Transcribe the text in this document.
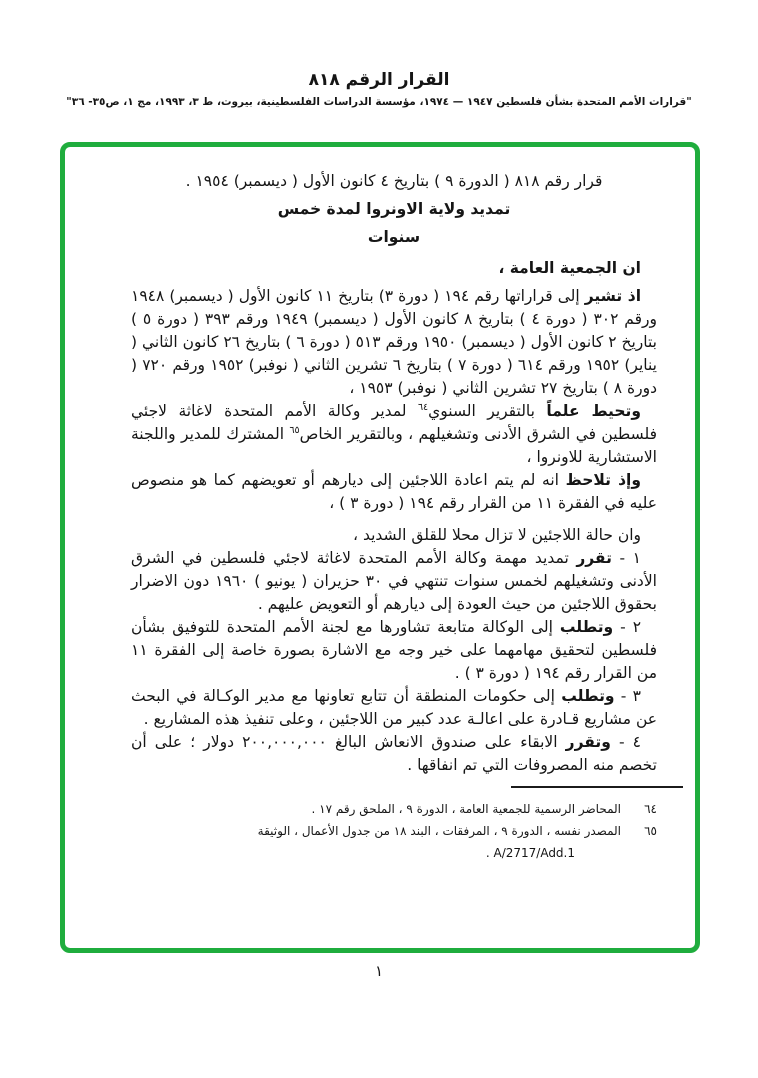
القرار الرقم ٨١٨
"قرارات الأمم المتحدة بشأن فلسطين ١٩٤٧ — ١٩٧٤، مؤسسة الدراسات الفلسطينية، بيروت، ط ٣، ١٩٩٣، مج ١، ص٣٥- ٣٦"
قرار رقم ٨١٨ ( الدورة ٩ ) بتاريخ ٤ كانون الأول ( ديسمبر) ١٩٥٤ .
تمديد ولاية الاونروا لمدة خمس
سنوات
ان الجمعية العامة ،

اذ تشير إلى قراراتها رقم ١٩٤ ( دورة ٣) بتاريخ ١١ كانون الأول ( ديسمبر) ١٩٤٨ ورقم ٣٠٢ ( دورة ٤ ) بتاريخ ٨ كانون الأول ( ديسمبر) ١٩٤٩ ورقم ٣٩٣ ( دورة ٥ ) بتاريخ ٢ كانون الأول ( ديسمبر) ١٩٥٠ ورقم ٥١٣ ( دورة ٦ ) بتاريخ ٢٦ كانون الثاني ( يناير) ١٩٥٢ ورقم ٦١٤ ( دورة ٧ ) بتاريخ ٦ تشرين الثاني ( نوفبر) ١٩٥٢ ورقم ٧٢٠ ( دورة ٨ ) بتاريخ ٢٧ تشرين الثاني ( نوفبر) ١٩٥٣ ،

وتحيط علماً بالتقرير السنوي$^{٦٤}$ لمدير وكالة الأمم المتحدة لاغاثة لاجئي فلسطين في الشرق الأدنى وتشغيلهم ، وبالتقرير الخاص$^{٦٥}$ المشترك للمدير واللجنة الاستشارية للاونروا ،

وإذ تلاحظ انه لم يتم اعادة اللاجئين إلى ديارهم أو تعويضهم كما هو منصوص عليه في الفقرة ١١ من القرار رقم ١٩٤ ( دورة ٣ ) ،

وان حالة اللاجئين لا تزال محلا للقلق الشديد ،

١ - تقرر تمديد مهمة وكالة الأمم المتحدة لاغاثة لاجئي فلسطين في الشرق الأدنى وتشغيلهم لخمس سنوات تنتهي في ٣٠ حزيران ( يونيو ) ١٩٦٠ دون الاضرار بحقوق اللاجئين من حيث العودة إلى ديارهم أو التعويض عليهم .

٢ - وتطلب إلى الوكالة متابعة تشاورها مع لجنة الأمم المتحدة للتوفيق بشأن فلسطين لتحقيق مهامهما على خير وجه مع الاشارة بصورة خاصة إلى الفقرة ١١ من القرار رقم ١٩٤ ( دورة ٣ ) .

٣ - وتطلب إلى حكومات المنطقة أن تتابع تعاونها مع مدير الوكـالة في البحث عن مشاريع قـادرة على اعالـة عدد كبير من اللاجئين ، وعلى تنفيذ هذه المشاريع .

٤ - وتقرر الابقاء على صندوق الانعاش البالغ ٢٠٠,٠٠٠,٠٠٠ دولار ؛ على أن تخصم منه المصروفات التي تم انفاقها .

٦٤
المحاضر الرسمية للجمعية العامة ، الدورة ٩ ، الملحق رقم ١٧ .
٦٥
المصدر نفسه ، الدورة ٩ ، المرفقات ، البند ١٨ من جدول الأعمال ، الوثيقة
A/2717/Add.1 .
١
